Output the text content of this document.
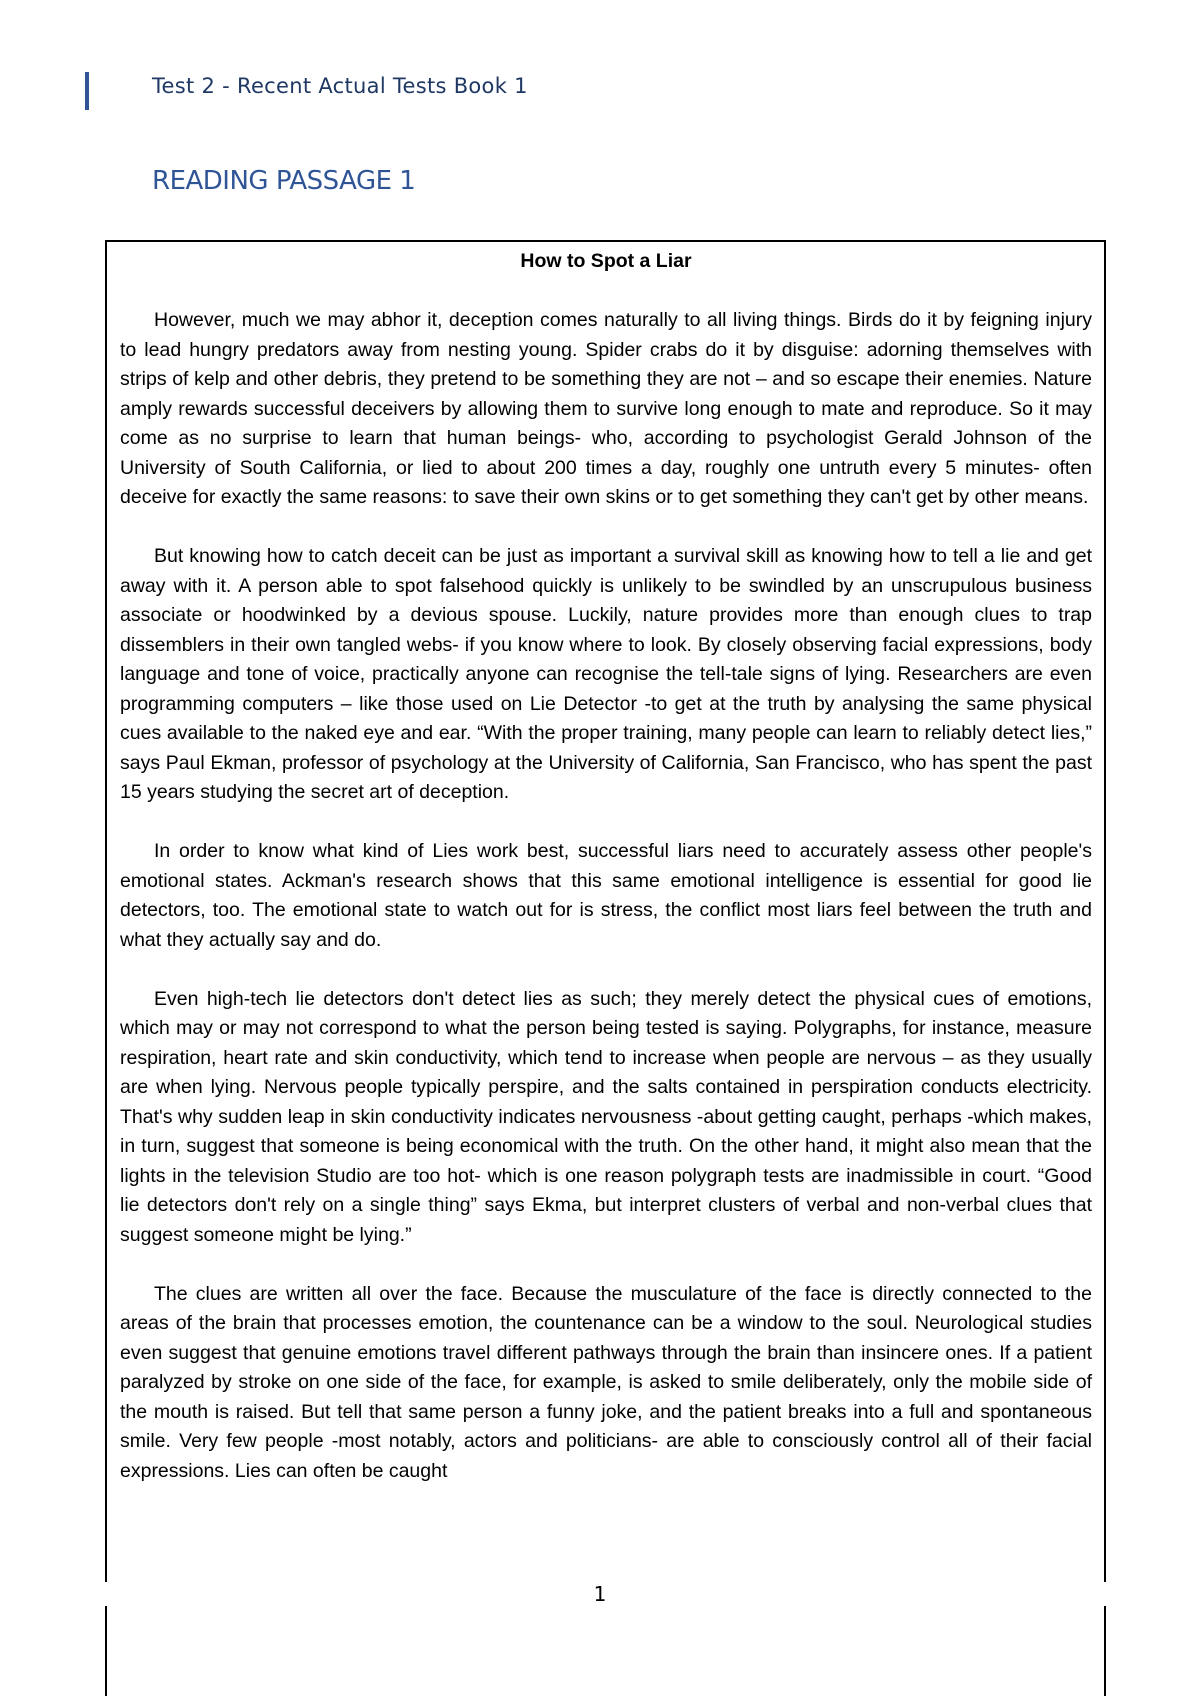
Test 2 - Recent Actual Tests Book 1
READING PASSAGE 1
How to Spot a Liar

However, much we may abhor it, deception comes naturally to all living things. Birds do it by feigning injury to lead hungry predators away from nesting young. Spider crabs do it by disguise: adorning themselves with strips of kelp and other debris, they pretend to be something they are not – and so escape their enemies. Nature amply rewards successful deceivers by allowing them to survive long enough to mate and reproduce. So it may come as no surprise to learn that human beings- who, according to psychologist Gerald Johnson of the University of South California, or lied to about 200 times a day, roughly one untruth every 5 minutes- often deceive for exactly the same reasons: to save their own skins or to get something they can't get by other means.

But knowing how to catch deceit can be just as important a survival skill as knowing how to tell a lie and get away with it. A person able to spot falsehood quickly is unlikely to be swindled by an unscrupulous business associate or hoodwinked by a devious spouse. Luckily, nature provides more than enough clues to trap dissemblers in their own tangled webs- if you know where to look. By closely observing facial expressions, body language and tone of voice, practically anyone can recognise the tell-tale signs of lying. Researchers are even programming computers – like those used on Lie Detector -to get at the truth by analysing the same physical cues available to the naked eye and ear. “With the proper training, many people can learn to reliably detect lies,” says Paul Ekman, professor of psychology at the University of California, San Francisco, who has spent the past 15 years studying the secret art of deception.

In order to know what kind of Lies work best, successful liars need to accurately assess other people's emotional states. Ackman's research shows that this same emotional intelligence is essential for good lie detectors, too. The emotional state to watch out for is stress, the conflict most liars feel between the truth and what they actually say and do.

Even high-tech lie detectors don't detect lies as such; they merely detect the physical cues of emotions, which may or may not correspond to what the person being tested is saying. Polygraphs, for instance, measure respiration, heart rate and skin conductivity, which tend to increase when people are nervous – as they usually are when lying. Nervous people typically perspire, and the salts contained in perspiration conducts electricity. That's why sudden leap in skin conductivity indicates nervousness -about getting caught, perhaps -which makes, in turn, suggest that someone is being economical with the truth. On the other hand, it might also mean that the lights in the television Studio are too hot- which is one reason polygraph tests are inadmissible in court. “Good lie detectors don't rely on a single thing” says Ekma, but interpret clusters of verbal and non-verbal clues that suggest someone might be lying.”

The clues are written all over the face. Because the musculature of the face is directly connected to the areas of the brain that processes emotion, the countenance can be a window to the soul. Neurological studies even suggest that genuine emotions travel different pathways through the brain than insincere ones. If a patient paralyzed by stroke on one side of the face, for example, is asked to smile deliberately, only the mobile side of the mouth is raised. But tell that same person a funny joke, and the patient breaks into a full and spontaneous smile. Very few people -most notably, actors and politicians- are able to consciously control all of their facial expressions. Lies can often be caught

1
